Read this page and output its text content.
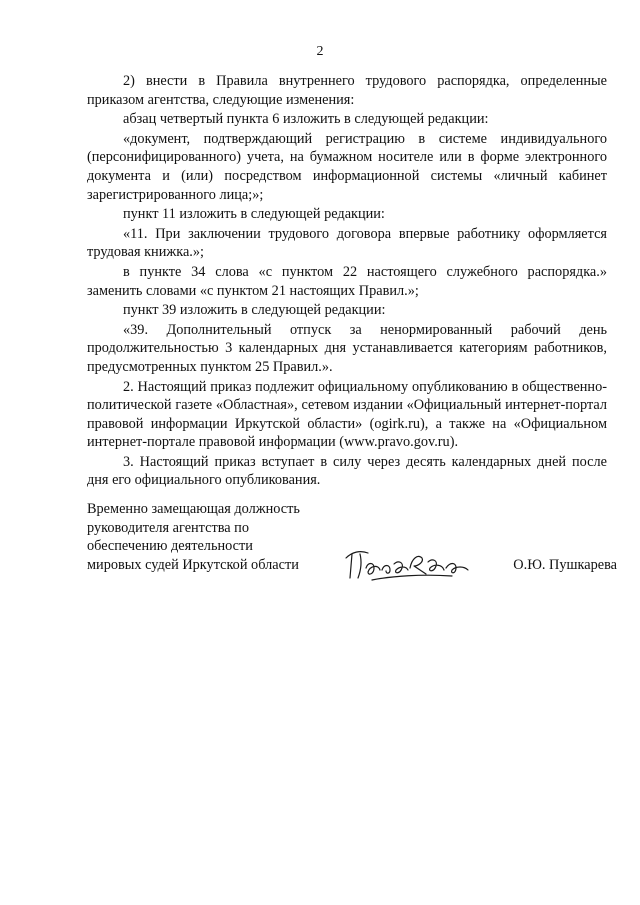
2

2) внести в Правила внутреннего трудового распорядка, определенные приказом агентства, следующие изменения:

абзац четвертый пункта 6 изложить в следующей редакции:

«документ, подтверждающий регистрацию в системе индивидуального (персонифицированного) учета, на бумажном носителе или в форме электронного документа и (или) посредством информационной системы «личный кабинет зарегистрированного лица;»;

пункт 11 изложить в следующей редакции:

«11. При заключении трудового договора впервые работнику оформляется трудовая книжка.»;

в пункте 34 слова «с пунктом 22 настоящего служебного распорядка.» заменить словами «с пунктом 21 настоящих Правил.»;

пункт 39 изложить в следующей редакции:

«39. Дополнительный отпуск за ненормированный рабочий день продолжительностью 3 календарных дня устанавливается категориям работников, предусмотренных пунктом 25 Правил.».

2. Настоящий приказ подлежит официальному опубликованию в общественно-политической газете «Областная», сетевом издании «Официальный интернет-портал правовой информации Иркутской области» (ogirk.ru), а также на «Официальном интернет-портале правовой информации (www.pravo.gov.ru).

3. Настоящий приказ вступает в силу через десять календарных дней после дня его официального опубликования.

Временно замещающая должность
руководителя агентства по
обеспечению деятельности
мировых судей Иркутской области	О.Ю. Пушкарева
